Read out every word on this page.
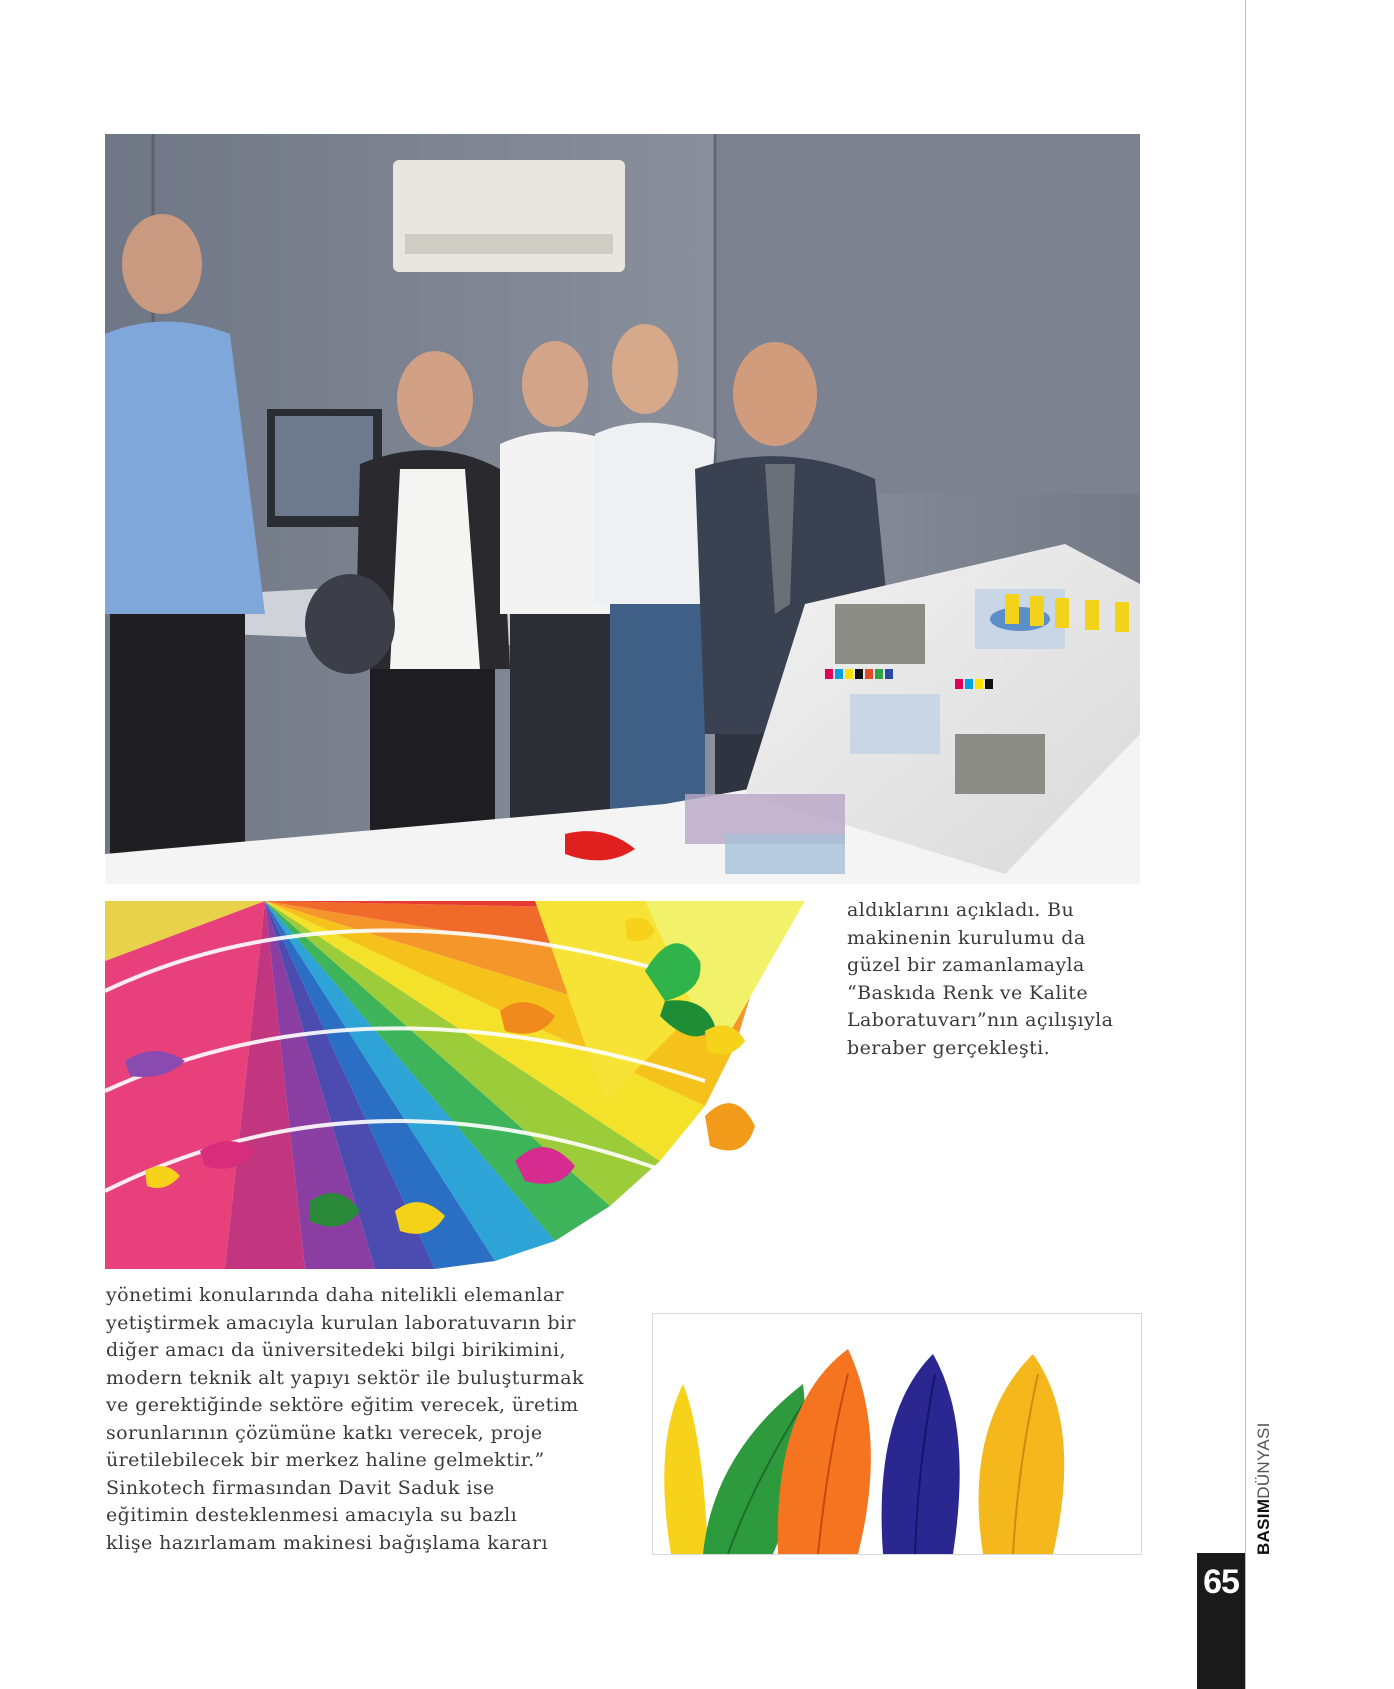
aldıklarını açıkladı. Bu
makinenin kurulumu da
güzel bir zamanlamayla
“Baskıda Renk ve Kalite
Laboratuvarı”nın açılışıyla
beraber gerçekleşti.

yönetimi konularında daha nitelikli elemanlar
yetiştirmek amacıyla kurulan laboratuvarın bir
diğer amacı da üniversitedeki bilgi birikimini,
modern teknik alt yapıyı sektör ile buluşturmak
ve gerektiğinde sektöre eğitim verecek, üretim
sorunlarının çözümüne katkı verecek, proje
üretilebilecek bir merkez haline gelmektir.”
Sinkotech firmasından Davit Saduk ise
eğitimin desteklenmesi amacıyla su bazlı
klişe hazırlamam makinesi bağışlama kararı	BASIMDÜNYASI
65
